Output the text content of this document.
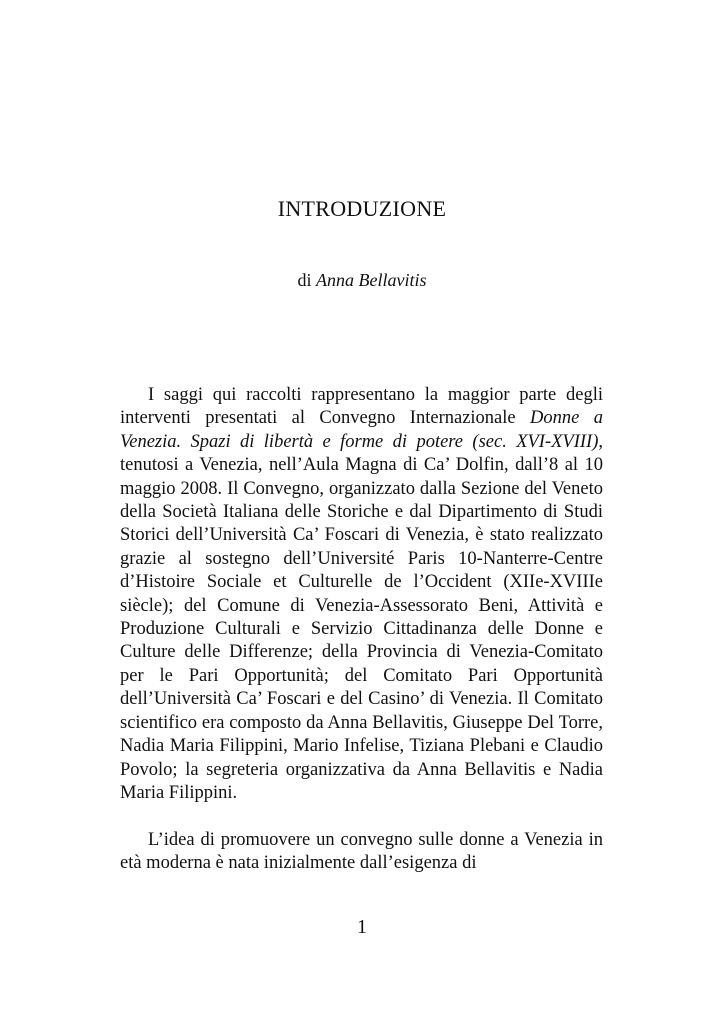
INTRODUZIONE

di Anna Bellavitis

I saggi qui raccolti rappresentano la maggior parte degli interventi presentati al Convegno Internazionale Donne a Venezia. Spazi di libertà e forme di potere (sec. XVI-XVIII), tenutosi a Venezia, nell’Aula Magna di Ca’ Dolfin, dall’8 al 10 maggio 2008. Il Convegno, organizzato dalla Sezione del Veneto della Società Italiana delle Storiche e dal Dipartimento di Studi Storici dell’Università Ca’ Foscari di Venezia, è stato realizzato grazie al sostegno dell’Université Paris 10-Nanterre-Centre d’Histoire Sociale et Culturelle de l’Occident (XIIe-XVIIIe siècle); del Comune di Venezia-Assessorato Beni, Attività e Produzione Culturali e Servizio Cittadinanza delle Donne e Culture delle Differenze; della Provincia di Venezia-Comitato per le Pari Opportunità; del Comitato Pari Opportunità dell’Università Ca’ Foscari e del Casino’ di Venezia. Il Comitato scientifico era composto da Anna Bellavitis, Giuseppe Del Torre, Nadia Maria Filippini, Mario Infelise, Tiziana Plebani e Claudio Povolo; la segreteria organizzativa da Anna Bellavitis e Nadia Maria Filippini.

L’idea di promuovere un convegno sulle donne a Venezia in età moderna è nata inizialmente dall’esigenza di

1
